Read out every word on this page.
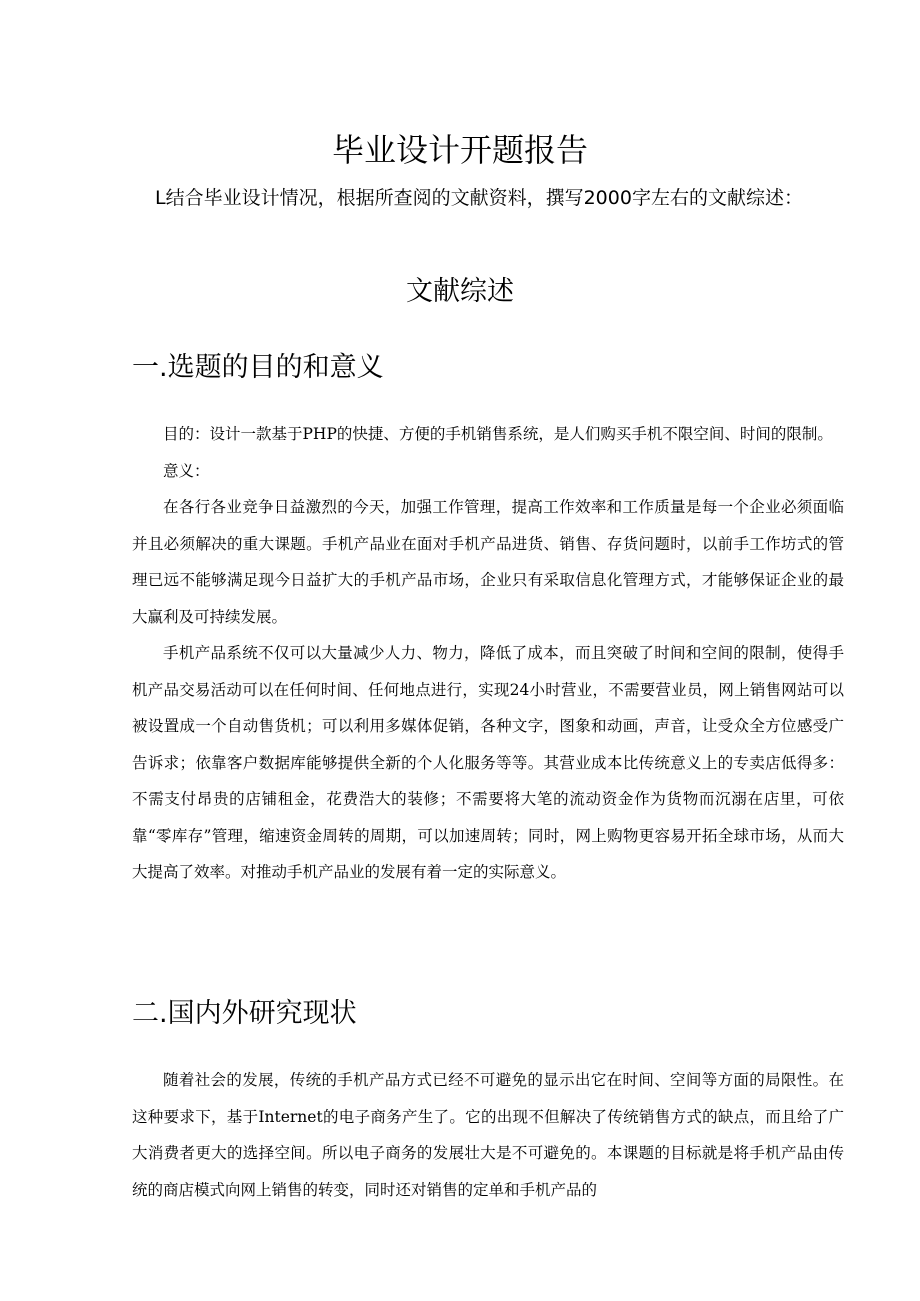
毕业设计开题报告

L结合毕业设计情况，根据所查阅的文献资料，撰写2000字左右的文献综述：

文献综述
一.选题的目的和意义

目的：设计一款基于PHP的快捷、方便的手机销售系统，是人们购买手机不限空间、时间的限制。

意义：

在各行各业竞争日益激烈的今天，加强工作管理，提高工作效率和工作质量是每一个企业必须面临并且必须解决的重大课题。手机产品业在面对手机产品进货、销售、存货问题时，以前手工作坊式的管理已远不能够满足现今日益扩大的手机产品市场，企业只有采取信息化管理方式，才能够保证企业的最大赢利及可持续发展。

手机产品系统不仅可以大量减少人力、物力，降低了成本，而且突破了时间和空间的限制，使得手机产品交易活动可以在任何时间、任何地点进行，实现24小时营业，不需要营业员，网上销售网站可以被设置成一个自动售货机；可以利用多媒体促销，各种文字，图象和动画，声音，让受众全方位感受广告诉求；依靠客户数据库能够提供全新的个人化服务等等。其营业成本比传统意义上的专卖店低得多：不需支付昂贵的店铺租金，花费浩大的装修；不需要将大笔的流动资金作为货物而沉溺在店里，可依靠“零库存”管理，缩速资金周转的周期，可以加速周转；同时，网上购物更容易开拓全球市场，从而大大提高了效率。对推动手机产品业的发展有着一定的实际意义。

二.国内外研究现状

随着社会的发展，传统的手机产品方式已经不可避免的显示出它在时间、空间等方面的局限性。在这种要求下，基于Internet的电子商务产生了。它的出现不但解决了传统销售方式的缺点，而且给了广大消费者更大的选择空间。所以电子商务的发展壮大是不可避免的。本课题的目标就是将手机产品由传统的商店模式向网上销售的转变，同时还对销售的定单和手机产品的
